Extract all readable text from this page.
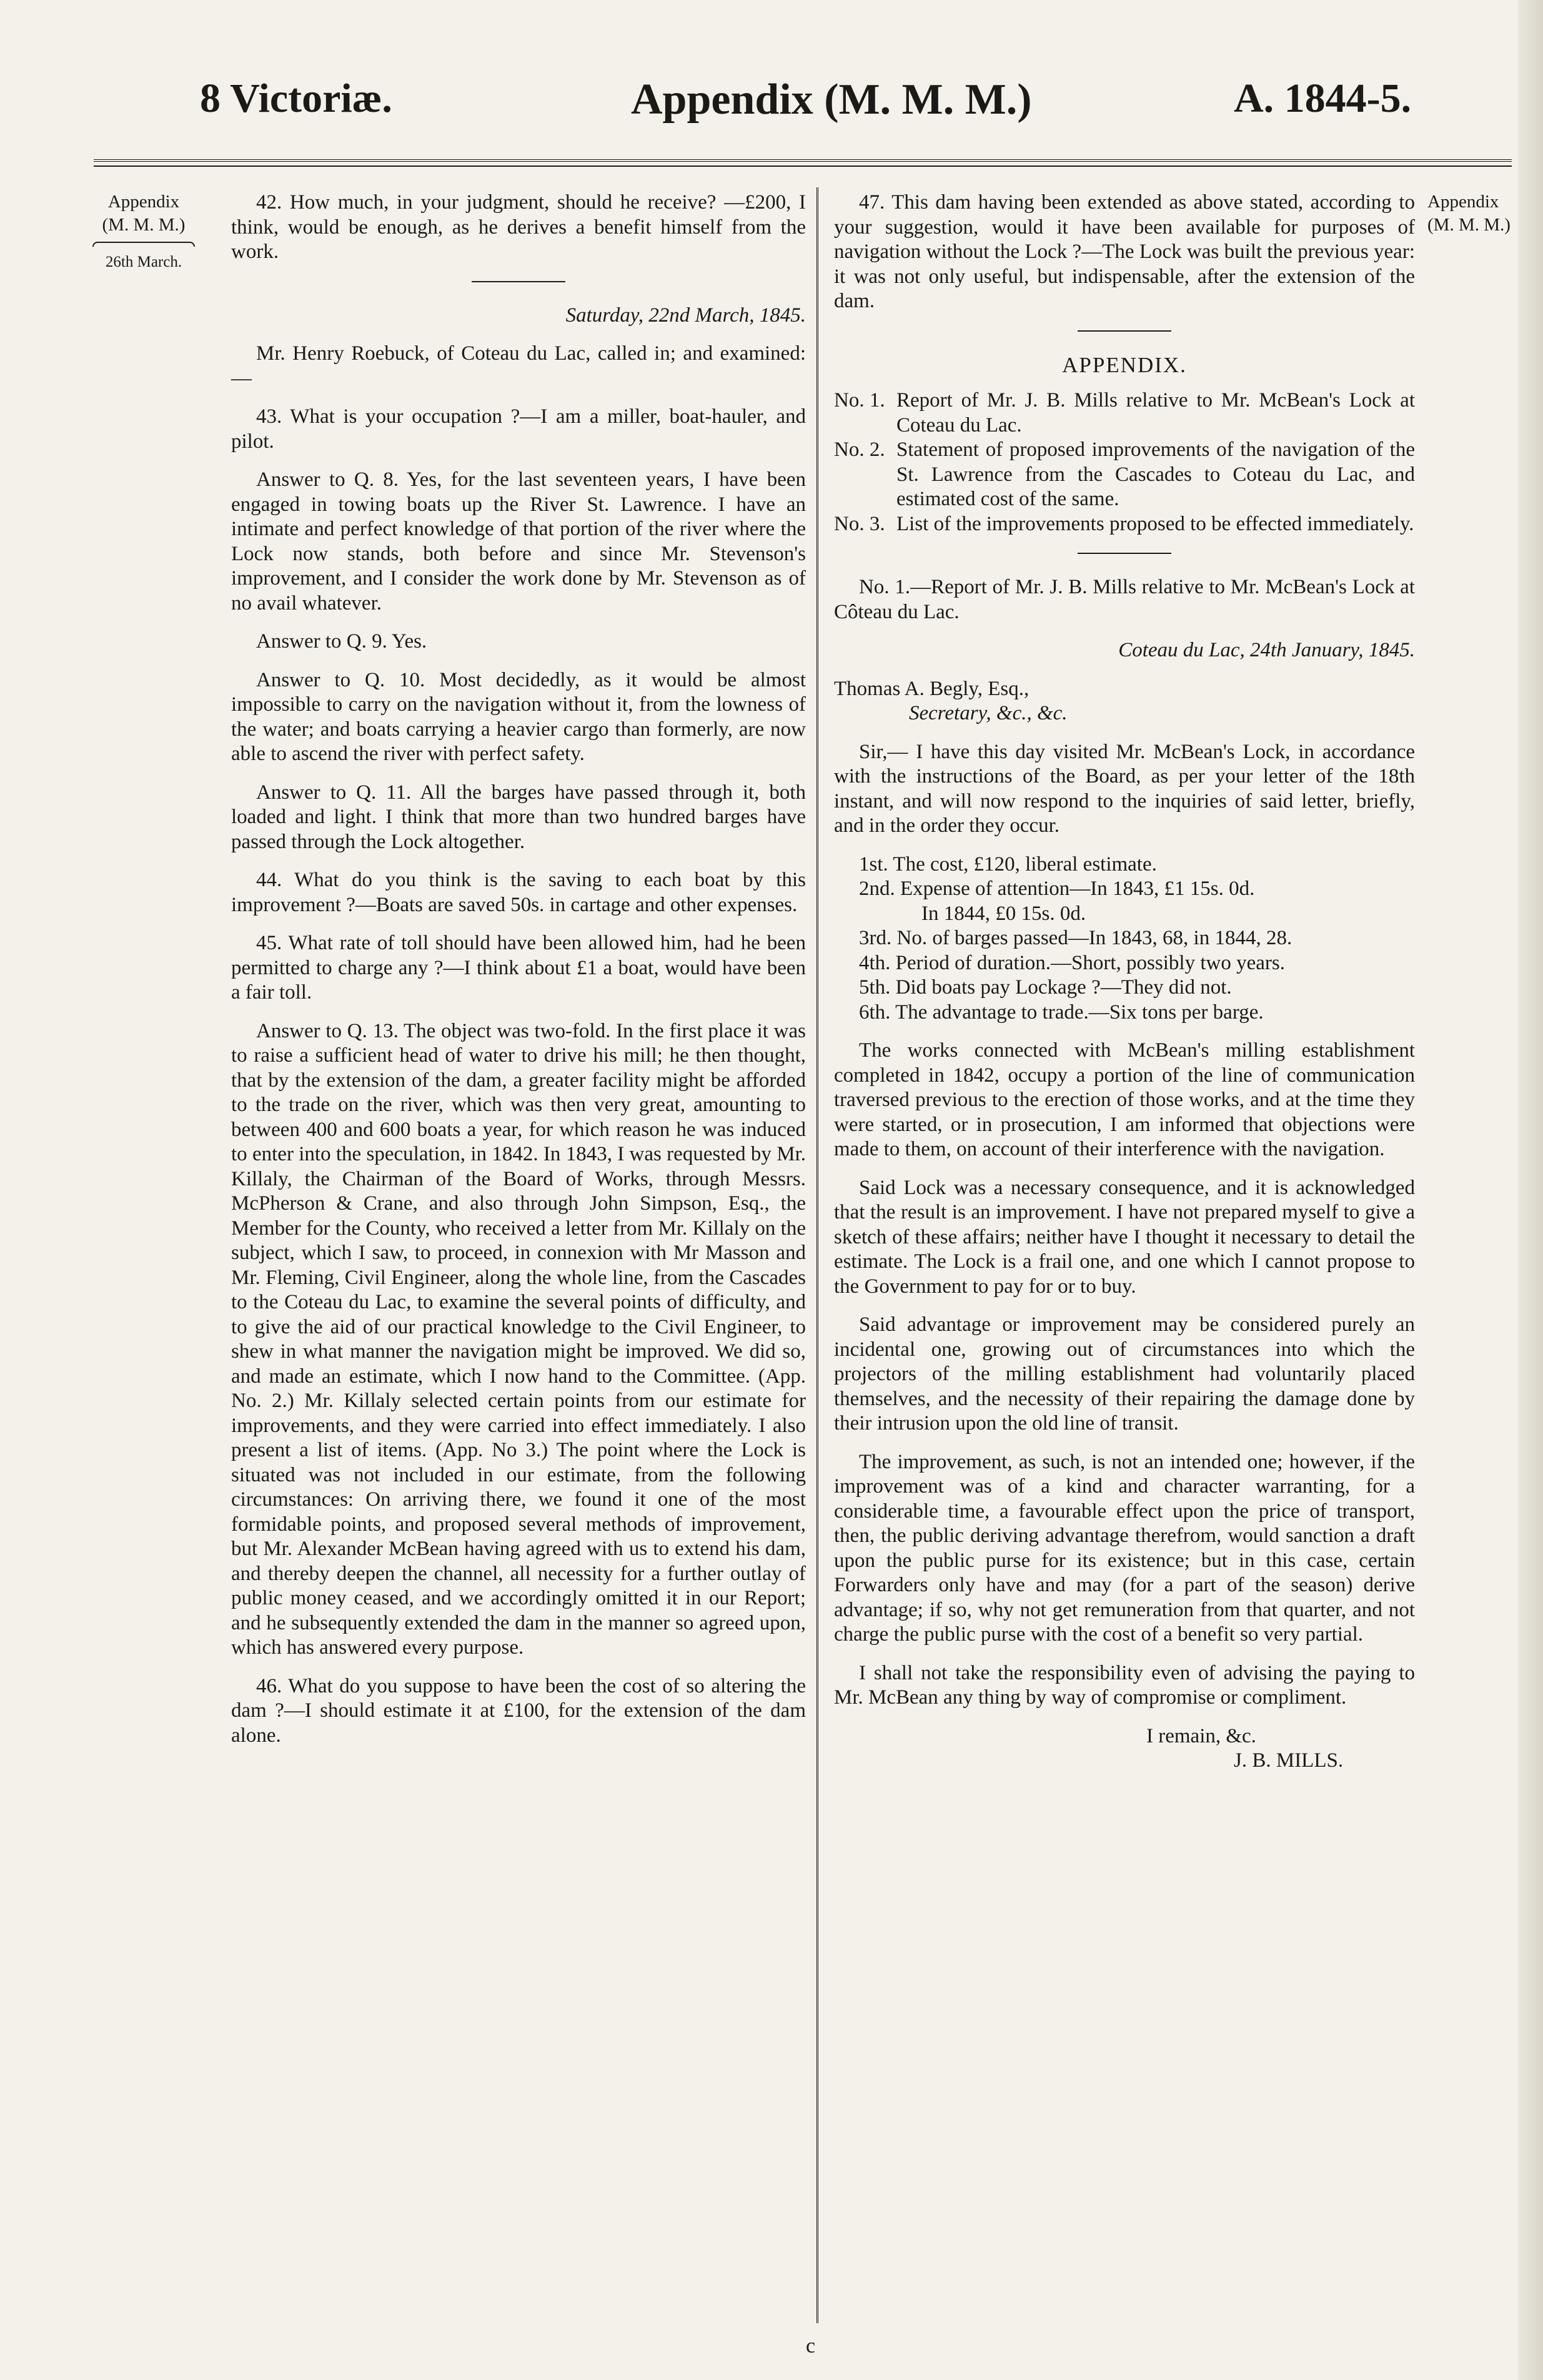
8 Victoriæ.	Appendix (M. M. M.)	A. 1844-5.
Appendix
(M. M. M.)
26th March.
Appendix
(M. M. M.)

42. How much, in your judgment, should he receive? —£200, I think, would be enough, as he derives a benefit himself from the work.

Saturday, 22nd March, 1845.

Mr. Henry Roebuck, of Coteau du Lac, called in; and examined:—

43. What is your occupation ?—I am a miller, boat-hauler, and pilot.

Answer to Q. 8. Yes, for the last seventeen years, I have been engaged in towing boats up the River St. Lawrence. I have an intimate and perfect knowledge of that portion of the river where the Lock now stands, both before and since Mr. Stevenson's improvement, and I consider the work done by Mr. Stevenson as of no avail whatever.

Answer to Q. 9. Yes.

Answer to Q. 10. Most decidedly, as it would be almost impossible to carry on the navigation without it, from the lowness of the water; and boats carrying a heavier cargo than formerly, are now able to ascend the river with perfect safety.

Answer to Q. 11. All the barges have passed through it, both loaded and light. I think that more than two hundred barges have passed through the Lock altogether.

44. What do you think is the saving to each boat by this improvement ?—Boats are saved 50s. in cartage and other expenses.

45. What rate of toll should have been allowed him, had he been permitted to charge any ?—I think about £1 a boat, would have been a fair toll.

Answer to Q. 13. The object was two-fold. In the first place it was to raise a sufficient head of water to drive his mill; he then thought, that by the extension of the dam, a greater facility might be afforded to the trade on the river, which was then very great, amounting to between 400 and 600 boats a year, for which reason he was induced to enter into the speculation, in 1842. In 1843, I was requested by Mr. Killaly, the Chairman of the Board of Works, through Messrs. McPherson & Crane, and also through John Simpson, Esq., the Member for the County, who received a letter from Mr. Killaly on the subject, which I saw, to proceed, in connexion with Mr Masson and Mr. Fleming, Civil Engineer, along the whole line, from the Cascades to the Coteau du Lac, to examine the several points of difficulty, and to give the aid of our practical knowledge to the Civil Engineer, to shew in what manner the navigation might be improved. We did so, and made an estimate, which I now hand to the Committee. (App. No. 2.) Mr. Killaly selected certain points from our estimate for improvements, and they were carried into effect immediately. I also present a list of items. (App. No 3.) The point where the Lock is situated was not included in our estimate, from the following circumstances: On arriving there, we found it one of the most formidable points, and proposed several methods of improvement, but Mr. Alexander McBean having agreed with us to extend his dam, and thereby deepen the channel, all necessity for a further outlay of public money ceased, and we accordingly omitted it in our Report; and he subsequently extended the dam in the manner so agreed upon, which has answered every purpose.

46. What do you suppose to have been the cost of so altering the dam ?—I should estimate it at £100, for the extension of the dam alone.

47. This dam having been extended as above stated, according to your suggestion, would it have been available for purposes of navigation without the Lock ?—The Lock was built the previous year: it was not only useful, but indispensable, after the extension of the dam.

APPENDIX.
No. 1. Report of Mr. J. B. Mills relative to Mr. McBean's Lock at Coteau du Lac.
No. 2. Statement of proposed improvements of the navigation of the St. Lawrence from the Cascades to Coteau du Lac, and estimated cost of the same.
No. 3. List of the improvements proposed to be effected immediately.

No. 1.—Report of Mr. J. B. Mills relative to Mr. McBean's Lock at Côteau du Lac.

Coteau du Lac, 24th January, 1845.

Thomas A. Begly, Esq.,

Secretary, &c., &c.

Sir,— I have this day visited Mr. McBean's Lock, in accordance with the instructions of the Board, as per your letter of the 18th instant, and will now respond to the inquiries of said letter, briefly, and in the order they occur.

1st. The cost, £120, liberal estimate.
2nd. Expense of attention—In 1843, £1 15s. 0d.
In 1844, £0 15s. 0d.
3rd. No. of barges passed—In 1843, 68, in 1844, 28.
4th. Period of duration.—Short, possibly two years.
5th. Did boats pay Lockage ?—They did not.
6th. The advantage to trade.—Six tons per barge.

The works connected with McBean's milling establishment completed in 1842, occupy a portion of the line of communication traversed previous to the erection of those works, and at the time they were started, or in prosecution, I am informed that objections were made to them, on account of their interference with the navigation.

Said Lock was a necessary consequence, and it is acknowledged that the result is an improvement. I have not prepared myself to give a sketch of these affairs; neither have I thought it necessary to detail the estimate. The Lock is a frail one, and one which I cannot propose to the Government to pay for or to buy.

Said advantage or improvement may be considered purely an incidental one, growing out of circumstances into which the projectors of the milling establishment had voluntarily placed themselves, and the necessity of their repairing the damage done by their intrusion upon the old line of transit.

The improvement, as such, is not an intended one; however, if the improvement was of a kind and character warranting, for a considerable time, a favourable effect upon the price of transport, then, the public deriving advantage therefrom, would sanction a draft upon the public purse for its existence; but in this case, certain Forwarders only have and may (for a part of the season) derive advantage; if so, why not get remuneration from that quarter, and not charge the public purse with the cost of a benefit so very partial.

I shall not take the responsibility even of advising the paying to Mr. McBean any thing by way of compromise or compliment.

I remain, &c.

J. B. MILLS.

c
